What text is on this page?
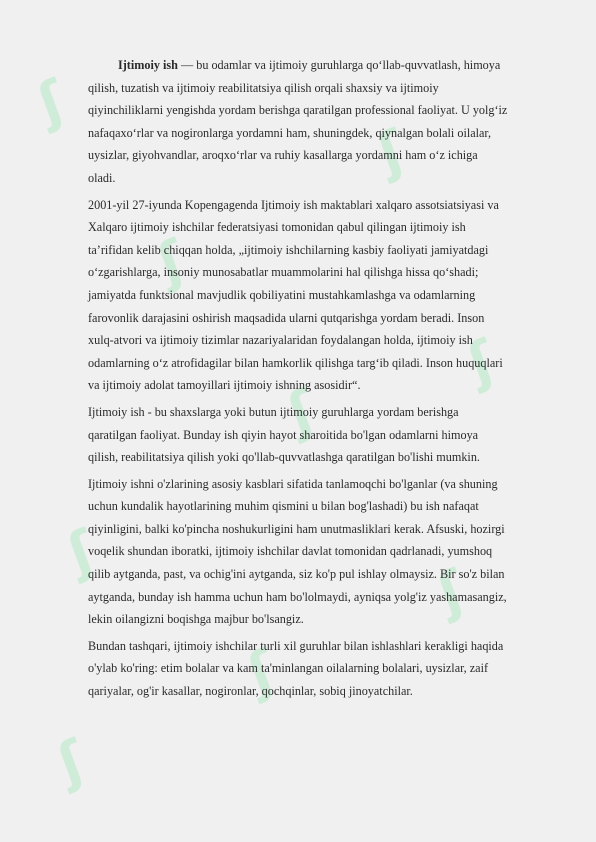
ʃ
ʃ
ʃ
ʃ
ʃ
ʃ
ʃ
ʃ
ʃ

Ijtimoiy ish — bu odamlar va ijtimoiy guruhlarga qo‘llab-quvvatlash, himoya qilish, tuzatish va ijtimoiy reabilitatsiya qilish orqali shaxsiy va ijtimoiy qiyinchiliklarni yengishda yordam berishga qaratilgan professional faoliyat. U yolg‘iz nafaqaxo‘rlar va nogironlarga yordamni ham, shuningdek, qiynalgan bolali oilalar, uysizlar, giyohvandlar, aroqxo‘rlar va ruhiy kasallarga yordamni ham o‘z ichiga oladi.

2001-yil 27-iyunda Kopengagenda Ijtimoiy ish maktablari xalqaro assotsiatsiyasi va Xalqaro ijtimoiy ishchilar federatsiyasi tomonidan qabul qilingan ijtimoiy ish ta’rifidan kelib chiqqan holda, „ijtimoiy ishchilarning kasbiy faoliyati jamiyatdagi o‘zgarishlarga, insoniy munosabatlar muammolarini hal qilishga hissa qo‘shadi; jamiyatda funktsional mavjudlik qobiliyatini mustahkamlashga va odamlarning farovonlik darajasini oshirish maqsadida ularni qutqarishga yordam beradi. Inson xulq-atvori va ijtimoiy tizimlar nazariyalaridan foydalangan holda, ijtimoiy ish odamlarning o‘z atrofidagilar bilan hamkorlik qilishga targ‘ib qiladi. Inson huquqlari va ijtimoiy adolat tamoyillari ijtimoiy ishning asosidir“.

Ijtimoiy ish - bu shaxslarga yoki butun ijtimoiy guruhlarga yordam berishga qaratilgan faoliyat. Bunday ish qiyin hayot sharoitida bo'lgan odamlarni himoya qilish, reabilitatsiya qilish yoki qo'llab-quvvatlashga qaratilgan bo'lishi mumkin.

Ijtimoiy ishni o'zlarining asosiy kasblari sifatida tanlamoqchi bo'lganlar (va shuning uchun kundalik hayotlarining muhim qismini u bilan bog'lashadi) bu ish nafaqat qiyinligini, balki ko'pincha noshukurligini ham unutmasliklari kerak. Afsuski, hozirgi voqelik shundan iboratki, ijtimoiy ishchilar davlat tomonidan qadrlanadi, yumshoq qilib aytganda, past, va ochig'ini aytganda, siz ko'p pul ishlay olmaysiz. Bir so'z bilan aytganda, bunday ish hamma uchun ham bo'lolmaydi, ayniqsa yolg'iz yashamasangiz, lekin oilangizni boqishga majbur bo'lsangiz.

Bundan tashqari, ijtimoiy ishchilar turli xil guruhlar bilan ishlashlari kerakligi haqida o'ylab ko'ring: etim bolalar va kam ta'minlangan oilalarning bolalari, uysizlar, zaif qariyalar, og'ir kasallar, nogironlar, qochqinlar, sobiq jinoyatchilar.
